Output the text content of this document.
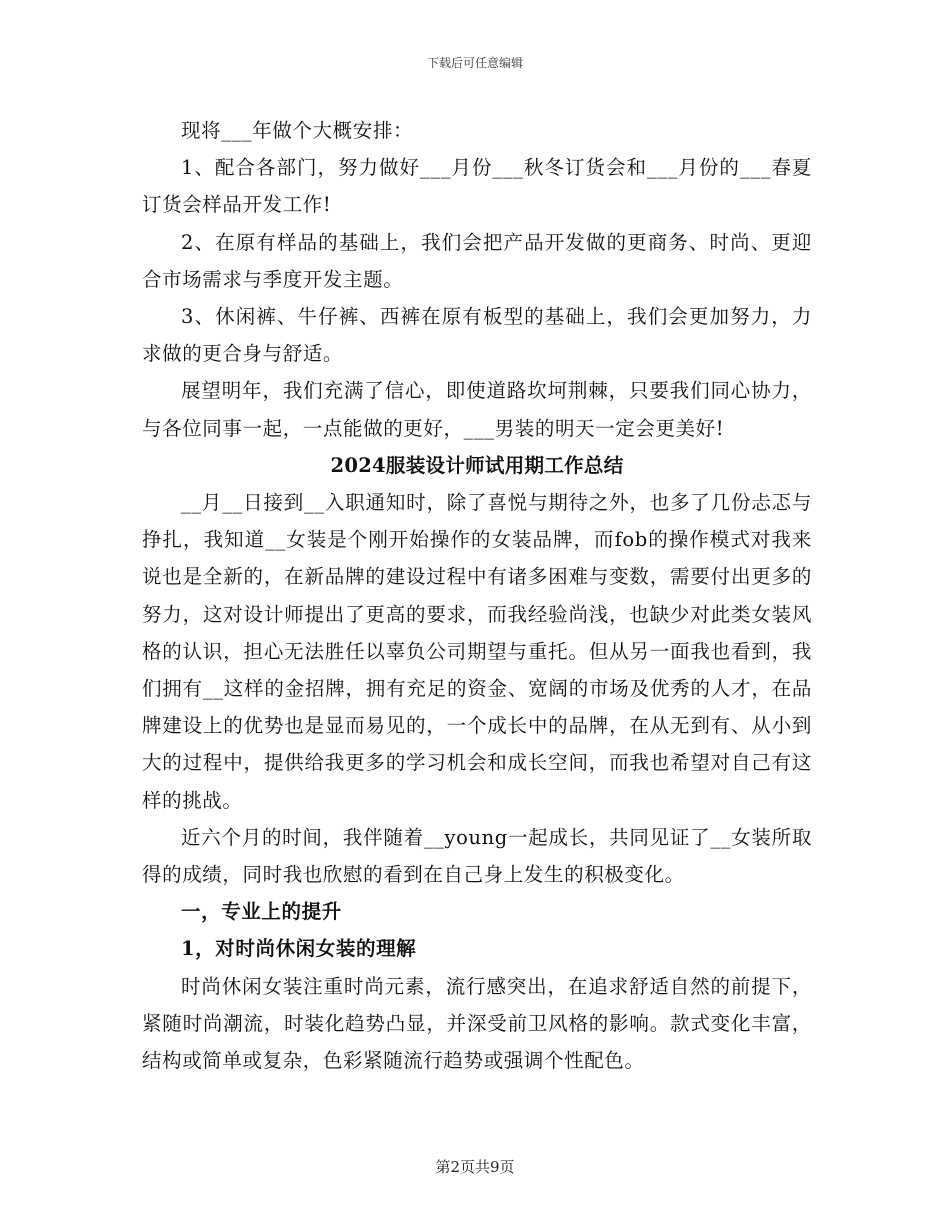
下载后可任意编辑

现将___年做个大概安排：

1、配合各部门，努力做好___月份___秋冬订货会和___月份的___春夏订货会样品开发工作!

2、在原有样品的基础上，我们会把产品开发做的更商务、时尚、更迎合市场需求与季度开发主题。

3、休闲裤、牛仔裤、西裤在原有板型的基础上，我们会更加努力，力求做的更合身与舒适。

展望明年，我们充满了信心，即使道路坎坷荆棘，只要我们同心协力，与各位同事一起，一点能做的更好，___男装的明天一定会更美好!

2024服装设计师试用期工作总结

__月__日接到__入职通知时，除了喜悦与期待之外，也多了几份忐忑与挣扎，我知道__女装是个刚开始操作的女装品牌，而fob的操作模式对我来说也是全新的，在新品牌的建设过程中有诸多困难与变数，需要付出更多的努力，这对设计师提出了更高的要求，而我经验尚浅，也缺少对此类女装风格的认识，担心无法胜任以辜负公司期望与重托。但从另一面我也看到，我们拥有__这样的金招牌，拥有充足的资金、宽阔的市场及优秀的人才，在品牌建设上的优势也是显而易见的，一个成长中的品牌，在从无到有、从小到大的过程中，提供给我更多的学习机会和成长空间，而我也希望对自己有这样的挑战。

近六个月的时间，我伴随着__young一起成长，共同见证了__女装所取得的成绩，同时我也欣慰的看到在自己身上发生的积极变化。

一，专业上的提升
1，对时尚休闲女装的理解

时尚休闲女装注重时尚元素，流行感突出，在追求舒适自然的前提下，紧随时尚潮流，时装化趋势凸显，并深受前卫风格的影响。款式变化丰富，结构或简单或复杂，色彩紧随流行趋势或强调个性配色。

第2页共9页
